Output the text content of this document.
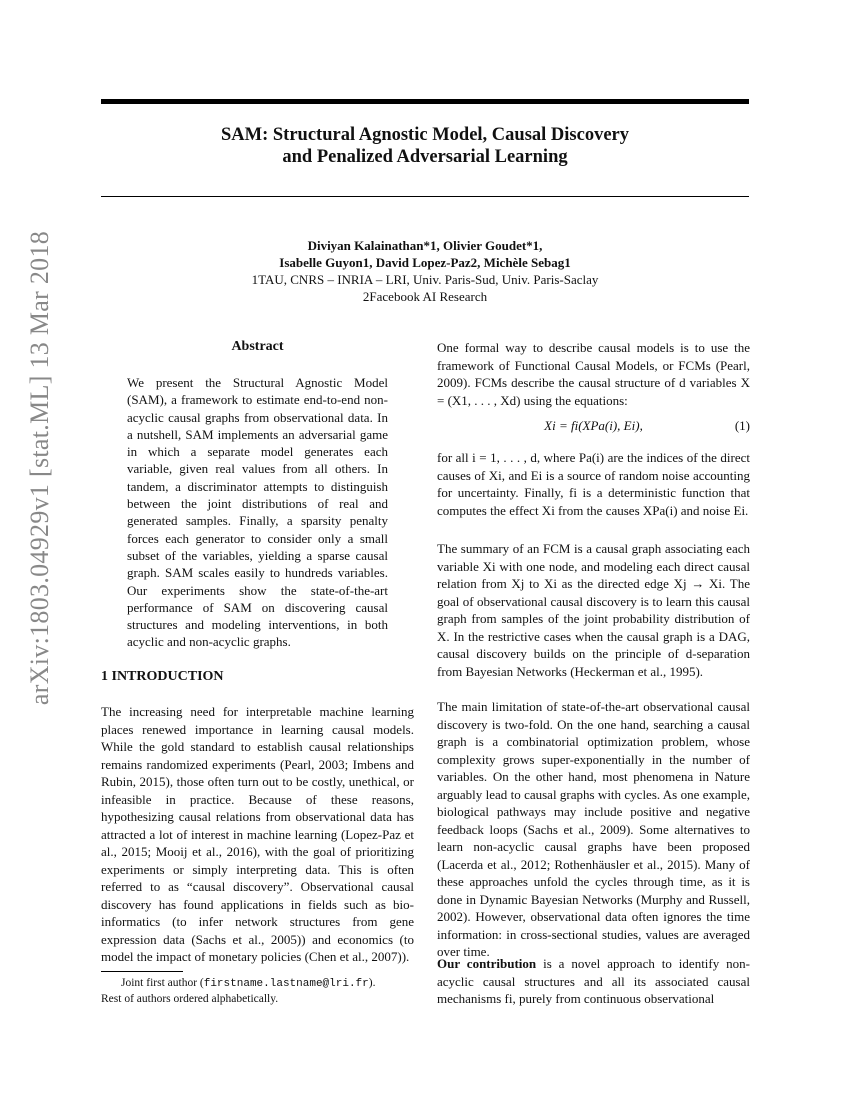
SAM: Structural Agnostic Model, Causal Discovery
and Penalized Adversarial Learning
Diviyan Kalainathan*1, Olivier Goudet*1,
Isabelle Guyon1, David Lopez-Paz2, Michèle Sebag1
1TAU, CNRS – INRIA – LRI, Univ. Paris-Sud, Univ. Paris-Saclay
2Facebook AI Research
arXiv:1803.04929v1 [stat.ML] 13 Mar 2018	Abstract

We present the Structural Agnostic Model (SAM), a framework to estimate end-to-end non-acyclic causal graphs from observational data. In a nutshell, SAM implements an adversarial game in which a separate model generates each variable, given real values from all others. In tandem, a discriminator attempts to distinguish between the joint distributions of real and generated samples. Finally, a sparsity penalty forces each generator to consider only a small subset of the variables, yielding a sparse causal graph. SAM scales easily to hundreds variables. Our experiments show the state-of-the-art performance of SAM on discovering causal structures and modeling interventions, in both acyclic and non-acyclic graphs.
1 INTRODUCTION

The increasing need for interpretable machine learning places renewed importance in learning causal models. While the gold standard to establish causal relationships remains randomized experiments (Pearl, 2003; Imbens and Rubin, 2015), those often turn out to be costly, unethical, or infeasible in practice. Because of these reasons, hypothesizing causal relations from observational data has attracted a lot of interest in machine learning (Lopez-Paz et al., 2015; Mooij et al., 2016), with the goal of prioritizing experiments or simply interpreting data. This is often referred to as “causal discovery”. Observational causal discovery has found applications in fields such as bio-informatics (to infer network structures from gene expression data (Sachs et al., 2005)) and economics (to model the impact of monetary policies (Chen et al., 2007)).

Joint first author (firstname.lastname@lri.fr).
Rest of authors ordered alphabetically.

One formal way to describe causal models is to use the framework of Functional Causal Models, or FCMs (Pearl, 2009). FCMs describe the causal structure of d variables X = (X1, . . . , Xd) using the equations:

Xi = fi(XPa(i), Ei),	(1)

for all i = 1, . . . , d, where Pa(i) are the indices of the direct causes of Xi, and Ei is a source of random noise accounting for uncertainty. Finally, fi is a deterministic function that computes the effect Xi from the causes XPa(i) and noise Ei.

The summary of an FCM is a causal graph associating each variable Xi with one node, and modeling each direct causal relation from Xj to Xi as the directed edge Xj → Xi. The goal of observational causal discovery is to learn this causal graph from samples of the joint probability distribution of X. In the restrictive cases when the causal graph is a DAG, causal discovery builds on the principle of d-separation from Bayesian Networks (Heckerman et al., 1995).

The main limitation of state-of-the-art observational causal discovery is two-fold. On the one hand, searching a causal graph is a combinatorial optimization problem, whose complexity grows super-exponentially in the number of variables. On the other hand, most phenomena in Nature arguably lead to causal graphs with cycles. As one example, biological pathways may include positive and negative feedback loops (Sachs et al., 2009). Some alternatives to learn non-acyclic causal graphs have been proposed (Lacerda et al., 2012; Rothenhäusler et al., 2015). Many of these approaches unfold the cycles through time, as it is done in Dynamic Bayesian Networks (Murphy and Russell, 2002). However, observational data often ignores the time information: in cross-sectional studies, values are averaged over time.

Our contribution is a novel approach to identify non-acyclic causal structures and all its associated causal mechanisms fi, purely from continuous observational
